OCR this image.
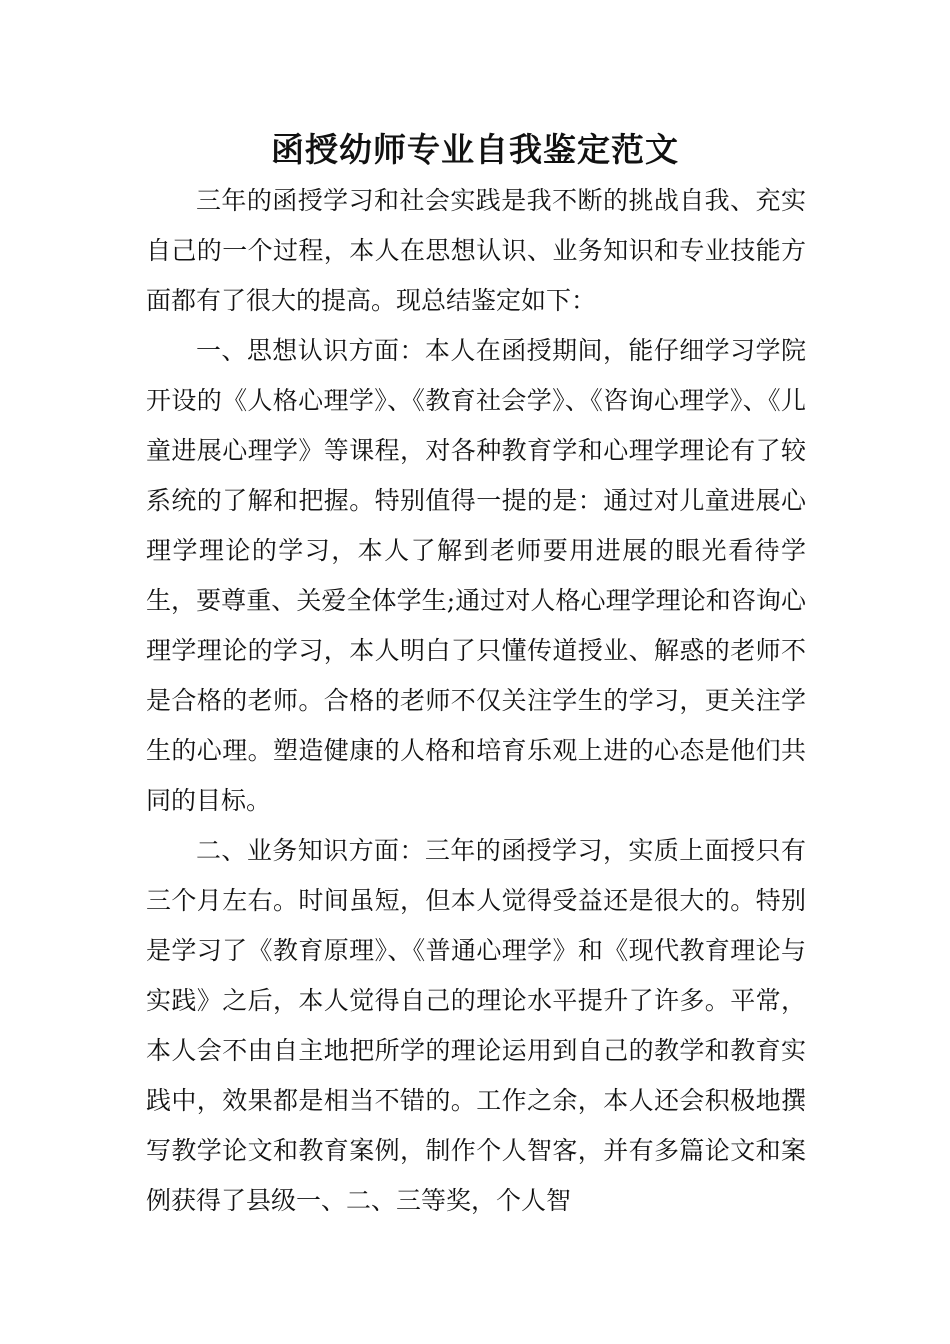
函授幼师专业自我鉴定范文

三年的函授学习和社会实践是我不断的挑战自我、充实自己的一个过程，本人在思想认识、业务知识和专业技能方面都有了很大的提高。现总结鉴定如下：

一、思想认识方面：本人在函授期间，能仔细学习学院开设的《人格心理学》、《教育社会学》、《咨询心理学》、《儿童进展心理学》等课程，对各种教育学和心理学理论有了较系统的了解和把握。特别值得一提的是：通过对儿童进展心理学理论的学习，本人了解到老师要用进展的眼光看待学生，要尊重、关爱全体学生;通过对人格心理学理论和咨询心理学理论的学习，本人明白了只懂传道授业、解惑的老师不是合格的老师。合格的老师不仅关注学生的学习，更关注学生的心理。塑造健康的人格和培育乐观上进的心态是他们共同的目标。

二、业务知识方面：三年的函授学习，实质上面授只有三个月左右。时间虽短，但本人觉得受益还是很大的。特别是学习了《教育原理》、《普通心理学》和《现代教育理论与实践》之后，本人觉得自己的理论水平提升了许多。平常，本人会不由自主地把所学的理论运用到自己的教学和教育实践中，效果都是相当不错的。工作之余，本人还会积极地撰写教学论文和教育案例，制作个人智客，并有多篇论文和案例获得了县级一、二、三等奖，个人智
